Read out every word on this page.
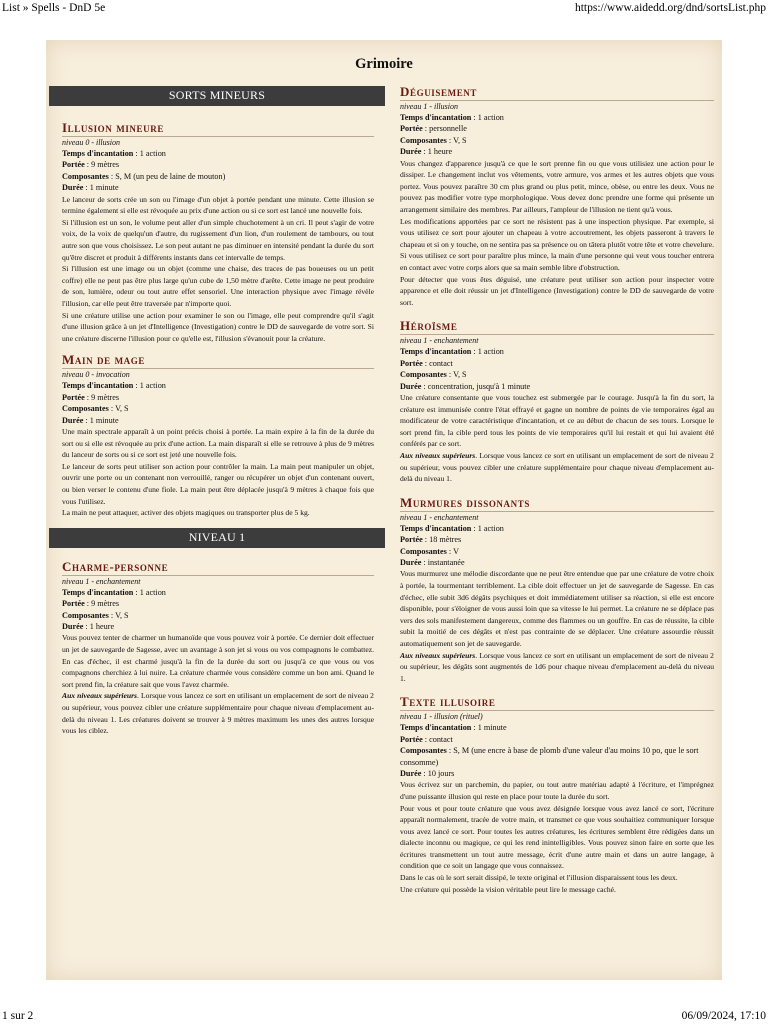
List » Spells - DnD 5e	https://www.aidedd.org/dnd/sortsList.php
Grimoire
SORTS MINEURS
Illusion mineure
niveau 0 - illusion
Temps d'incantation : 1 action
Portée : 9 mètres
Composantes : S, M (un peu de laine de mouton)
Durée : 1 minute
Le lanceur de sorts crée un son ou l'image d'un objet à portée pendant une minute. Cette illusion se termine également si elle est révoquée au prix d'une action ou si ce sort est lancé une nouvelle fois.
Si l'illusion est un son, le volume peut aller d'un simple chuchotement à un cri. Il peut s'agir de votre voix, de la voix de quelqu'un d'autre, du rugissement d'un lion, d'un roulement de tambours, ou tout autre son que vous choisissez. Le son peut autant ne pas diminuer en intensité pendant la durée du sort qu'être discret et produit à différents instants dans cet intervalle de temps.
Si l'illusion est une image ou un objet (comme une chaise, des traces de pas boueuses ou un petit coffre) elle ne peut pas être plus large qu'un cube de 1,50 mètre d'arête. Cette image ne peut produire de son, lumière, odeur ou tout autre effet sensoriel. Une interaction physique avec l'image révèle l'illusion, car elle peut être traversée par n'importe quoi.
Si une créature utilise une action pour examiner le son ou l'image, elle peut comprendre qu'il s'agit d'une illusion grâce à un jet d'Intelligence (Investigation) contre le DD de sauvegarde de votre sort. Si une créature discerne l'illusion pour ce qu'elle est, l'illusion s'évanouit pour la créature.
Main de mage
niveau 0 - invocation
Temps d'incantation : 1 action
Portée : 9 mètres
Composantes : V, S
Durée : 1 minute
Une main spectrale apparaît à un point précis choisi à portée. La main expire à la fin de la durée du sort ou si elle est révoquée au prix d'une action. La main disparaît si elle se retrouve à plus de 9 mètres du lanceur de sorts ou si ce sort est jeté une nouvelle fois.
Le lanceur de sorts peut utiliser son action pour contrôler la main. La main peut manipuler un objet, ouvrir une porte ou un contenant non verrouillé, ranger ou récupérer un objet d'un contenant ouvert, ou bien verser le contenu d'une fiole. La main peut être déplacée jusqu'à 9 mètres à chaque fois que vous l'utilisez.
La main ne peut attaquer, activer des objets magiques ou transporter plus de 5 kg.
NIVEAU 1
Charme-personne
niveau 1 - enchantement
Temps d'incantation : 1 action
Portée : 9 mètres
Composantes : V, S
Durée : 1 heure
Vous pouvez tenter de charmer un humanoïde que vous pouvez voir à portée. Ce dernier doit effectuer un jet de sauvegarde de Sagesse, avec un avantage à son jet si vous ou vos compagnons le combattez. En cas d'échec, il est charmé jusqu'à la fin de la durée du sort ou jusqu'à ce que vous ou vos compagnons cherchiez à lui nuire. La créature charmée vous considère comme un bon ami. Quand le sort prend fin, la créature sait que vous l'avez charmée.
Aux niveaux supérieurs. Lorsque vous lancez ce sort en utilisant un emplacement de sort de niveau 2 ou supérieur, vous pouvez cibler une créature supplémentaire pour chaque niveau d'emplacement au-delà du niveau 1. Les créatures doivent se trouver à 9 mètres maximum les unes des autres lorsque vous les ciblez.
Déguisement
niveau 1 - illusion
Temps d'incantation : 1 action
Portée : personnelle
Composantes : V, S
Durée : 1 heure
Vous changez d'apparence jusqu'à ce que le sort prenne fin ou que vous utilisiez une action pour le dissiper. Le changement inclut vos vêtements, votre armure, vos armes et les autres objets que vous portez. Vous pouvez paraître 30 cm plus grand ou plus petit, mince, obèse, ou entre les deux. Vous ne pouvez pas modifier votre type morphologique. Vous devez donc prendre une forme qui présente un arrangement similaire des membres. Par ailleurs, l'ampleur de l'illusion ne tient qu'à vous.
Les modifications apportées par ce sort ne résistent pas à une inspection physique. Par exemple, si vous utilisez ce sort pour ajouter un chapeau à votre accoutrement, les objets passeront à travers le chapeau et si on y touche, on ne sentira pas sa présence ou on tâtera plutôt votre tête et votre chevelure. Si vous utilisez ce sort pour paraître plus mince, la main d'une personne qui veut vous toucher entrera en contact avec votre corps alors que sa main semble libre d'obstruction.
Pour détecter que vous êtes déguisé, une créature peut utiliser son action pour inspecter votre apparence et elle doit réussir un jet d'Intelligence (Investigation) contre le DD de sauvegarde de votre sort.
Héroïsme
niveau 1 - enchantement
Temps d'incantation : 1 action
Portée : contact
Composantes : V, S
Durée : concentration, jusqu'à 1 minute
Une créature consentante que vous touchez est submergée par le courage. Jusqu'à la fin du sort, la créature est immunisée contre l'état effrayé et gagne un nombre de points de vie temporaires égal au modificateur de votre caractéristique d'incantation, et ce au début de chacun de ses tours. Lorsque le sort prend fin, la cible perd tous les points de vie temporaires qu'il lui restait et qui lui avaient été conférés par ce sort.
Aux niveaux supérieurs. Lorsque vous lancez ce sort en utilisant un emplacement de sort de niveau 2 ou supérieur, vous pouvez cibler une créature supplémentaire pour chaque niveau d'emplacement au-delà du niveau 1.
Murmures dissonants
niveau 1 - enchantement
Temps d'incantation : 1 action
Portée : 18 mètres
Composantes : V
Durée : instantanée
Vous murmurez une mélodie discordante que ne peut être entendue que par une créature de votre choix à portée, la tourmentant terriblement. La cible doit effectuer un jet de sauvegarde de Sagesse. En cas d'échec, elle subit 3d6 dégâts psychiques et doit immédiatement utiliser sa réaction, si elle est encore disponible, pour s'éloigner de vous aussi loin que sa vitesse le lui permet. La créature ne se déplace pas vers des sols manifestement dangereux, comme des flammes ou un gouffre. En cas de réussite, la cible subit la moitié de ces dégâts et n'est pas contrainte de se déplacer. Une créature assourdie réussit automatiquement son jet de sauvegarde.
Aux niveaux supérieurs. Lorsque vous lancez ce sort en utilisant un emplacement de sort de niveau 2 ou supérieur, les dégâts sont augmentés de 1d6 pour chaque niveau d'emplacement au-delà du niveau 1.
Texte illusoire
niveau 1 - illusion (rituel)
Temps d'incantation : 1 minute
Portée : contact
Composantes : S, M (une encre à base de plomb d'une valeur d'au moins 10 po, que le sort consomme)
Durée : 10 jours
Vous écrivez sur un parchemin, du papier, ou tout autre matériau adapté à l'écriture, et l'imprégnez d'une puissante illusion qui reste en place pour toute la durée du sort.
Pour vous et pour toute créature que vous avez désignée lorsque vous avez lancé ce sort, l'écriture apparaît normalement, tracée de votre main, et transmet ce que vous souhaitiez communiquer lorsque vous avez lancé ce sort. Pour toutes les autres créatures, les écritures semblent être rédigées dans un dialecte inconnu ou magique, ce qui les rend inintelligibles. Vous pouvez sinon faire en sorte que les écritures transmettent un tout autre message, écrit d'une autre main et dans un autre langage, à condition que ce soit un langage que vous connaissez.
Dans le cas où le sort serait dissipé, le texte original et l'illusion disparaissent tous les deux.
Une créature qui possède la vision véritable peut lire le message caché.
1 sur 2	06/09/2024, 17:10
